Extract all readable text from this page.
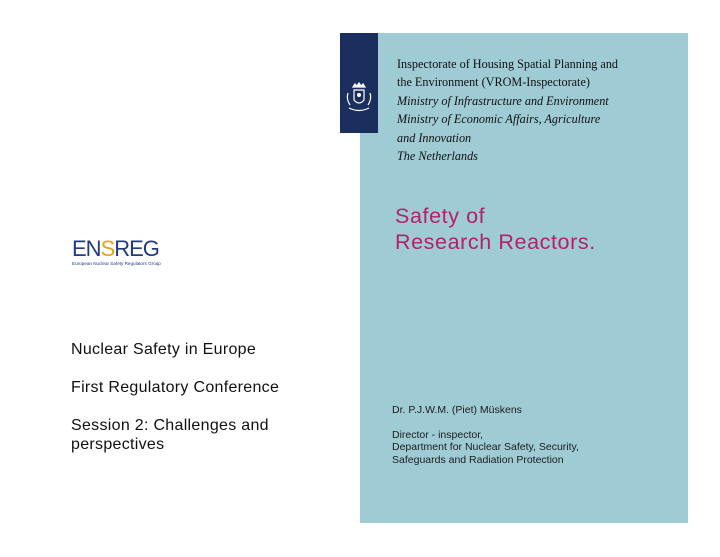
Inspectorate of Housing Spatial Planning and
the Environment (VROM-Inspectorate)
Ministry of Infrastructure and Environment
Ministry of Economic Affairs, Agriculture
and Innovation
The Netherlands
Safety of
Research Reactors.
ENSREG
European Nuclear Safety Regulators Group
Nuclear Safety in Europe
First Regulatory Conference
Session 2: Challenges and
perspectives
Dr. P.J.W.M. (Piet) Müskens
Director - inspector,
Department for Nuclear Safety, Security,
Safeguards and Radiation Protection
